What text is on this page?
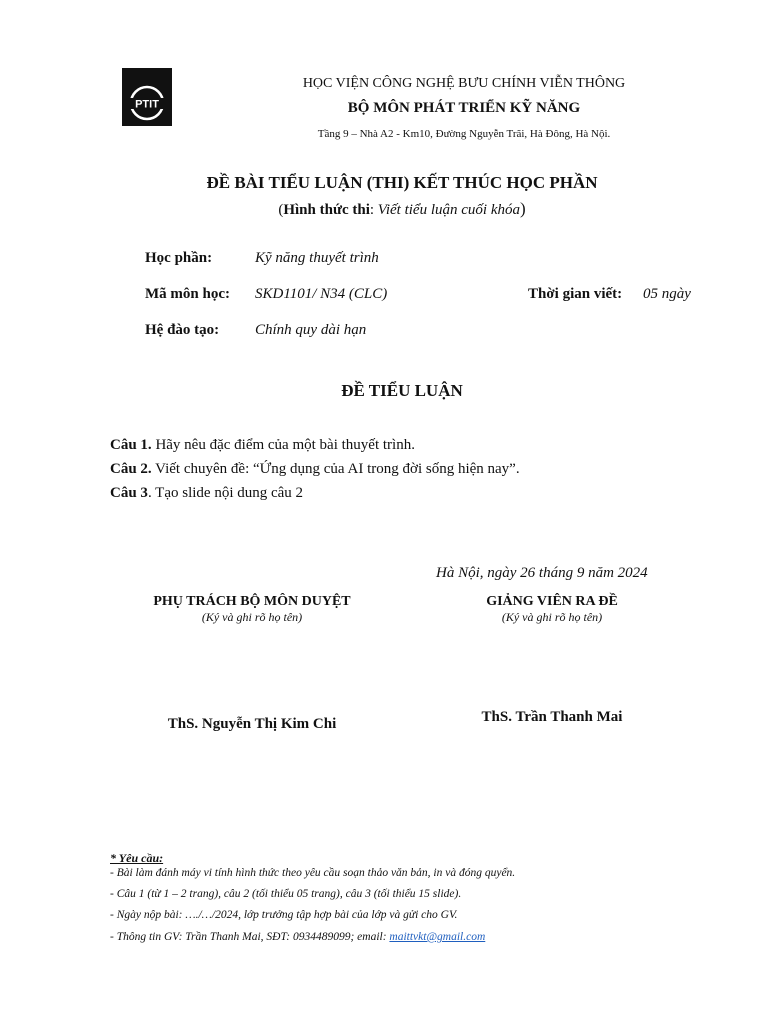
PTIT
HỌC VIỆN CÔNG NGHỆ BƯU CHÍNH VIỄN THÔNG
BỘ MÔN PHÁT TRIỂN KỸ NĂNG
Tầng 9 – Nhà A2 - Km10, Đường Nguyễn Trãi, Hà Đông, Hà Nội.
ĐỀ BÀI TIỂU LUẬN (THI) KẾT THÚC HỌC PHẦN
(Hình thức thi: Viết tiểu luận cuối khóa)
Học phần:	Kỹ năng thuyết trình
Mã môn học: SKD1101/ N34 (CLC)	Thời gian viết: 05 ngày
Hệ đào tạo: Chính quy dài hạn
ĐỀ TIỂU LUẬN
Câu 1. Hãy nêu đặc điểm của một bài thuyết trình.
Câu 2. Viết chuyên đề: “Ứng dụng của AI trong đời sống hiện nay”.
Câu 3. Tạo slide nội dung câu 2
Hà Nội, ngày 26 tháng 9 năm 2024
PHỤ TRÁCH BỘ MÔN DUYỆT
(Ký và ghi rõ họ tên)
ThS. Nguyễn Thị Kim Chi
GIẢNG VIÊN RA ĐỀ
(Ký và ghi rõ họ tên)
ThS. Trần Thanh Mai
* Yêu cầu:
- Bài làm đánh máy vi tính hình thức theo yêu cầu soạn thảo văn bản, in và đóng quyển.
- Câu 1 (từ 1 – 2 trang), câu 2 (tối thiểu 05 trang), câu 3 (tối thiểu 15 slide).
- Ngày nộp bài: …./…/2024, lớp trưởng tập hợp bài của lớp và gửi cho GV.
- Thông tin GV: Trần Thanh Mai, SĐT: 0934489099; email: maittvkt@gmail.com
